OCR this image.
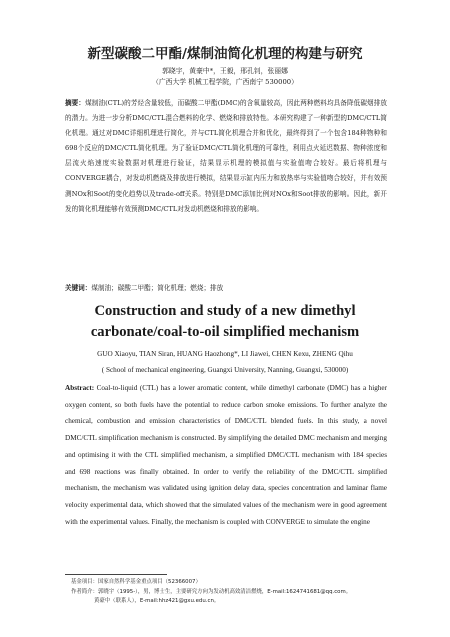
新型碳酸二甲酯/煤制油简化机理的构建与研究
郭晓宇，黄豪中*，王毅，邢孔钊，张丽娜
（广西大学 机械工程学院，广西南宁 530000）

摘要：煤制油(CTL)的芳烃含量较低，而碳酸二甲酯(DMC)的含氧量较高，因此两种燃料均具备降低碳烟排放的潜力。为进一步分析DMC/CTL混合燃料的化学、燃烧和排放特性。本研究构建了一种新型的DMC/CTL简化机理。通过对DMC详细机理进行简化，并与CTL简化机理合并和优化，最终得到了一个包含184种物种和698个反应的DMC/CTL简化机理。为了验证DMC/CTL简化机理的可靠性，利用点火延迟数据、物种浓度和层流火焰速度实验数据对机理进行验证，结果显示机理的模拟值与实验值吻合较好。最后将机理与CONVERGE耦合，对发动机燃烧及排放进行模拟，结果显示缸内压力和放热率与实验值吻合较好，并有效预测NOx和Soot的变化趋势以及trade-off关系。特别是DMC添加比例对NOx和Soot排放的影响。因此，新开发的简化机理能够有效预测DMC/CTL对发动机燃烧和排放的影响。

关键词：煤制油；碳酸二甲酯；简化机理；燃烧；排放

Construction and study of a new dimethyl
carbonate/coal-to-oil simplified mechanism
GUO Xiaoyu, TIAN Siran, HUANG Haozhong*, LI Jiawei, CHEN Kexu, ZHENG Qihu
( School of mechanical engineering, Guangxi University, Nanning, Guangxi, 530000)

Abstract: Coal-to-liquid (CTL) has a lower aromatic content, while dimethyl carbonate (DMC) has a higher oxygen content, so both fuels have the potential to reduce carbon smoke emissions. To further analyze the chemical, combustion and emission characteristics of DMC/CTL blended fuels. In this study, a novel DMC/CTL simplification mechanism is constructed. By simplifying the detailed DMC mechanism and merging and optimising it with the CTL simplified mechanism, a simplified DMC/CTL mechanism with 184 species and 698 reactions was finally obtained. In order to verify the reliability of the DMC/CTL simplified mechanism, the mechanism was validated using ignition delay data, species concentration and laminar flame velocity experimental data, which showed that the simulated values of the mechanism were in good agreement with the experimental values. Finally, the mechanism is coupled with CONVERGE to simulate the engine

基金项目：国家自然科学基金重点项目（52366007）
作者简介：郭晓宇（1995-），男，博士生，主要研究方向为发动机高效清洁燃烧，E-mail:1624741681@qq.com。
黄豪中（联系人），E-mail:hhz421@gxu.edu.cn。
